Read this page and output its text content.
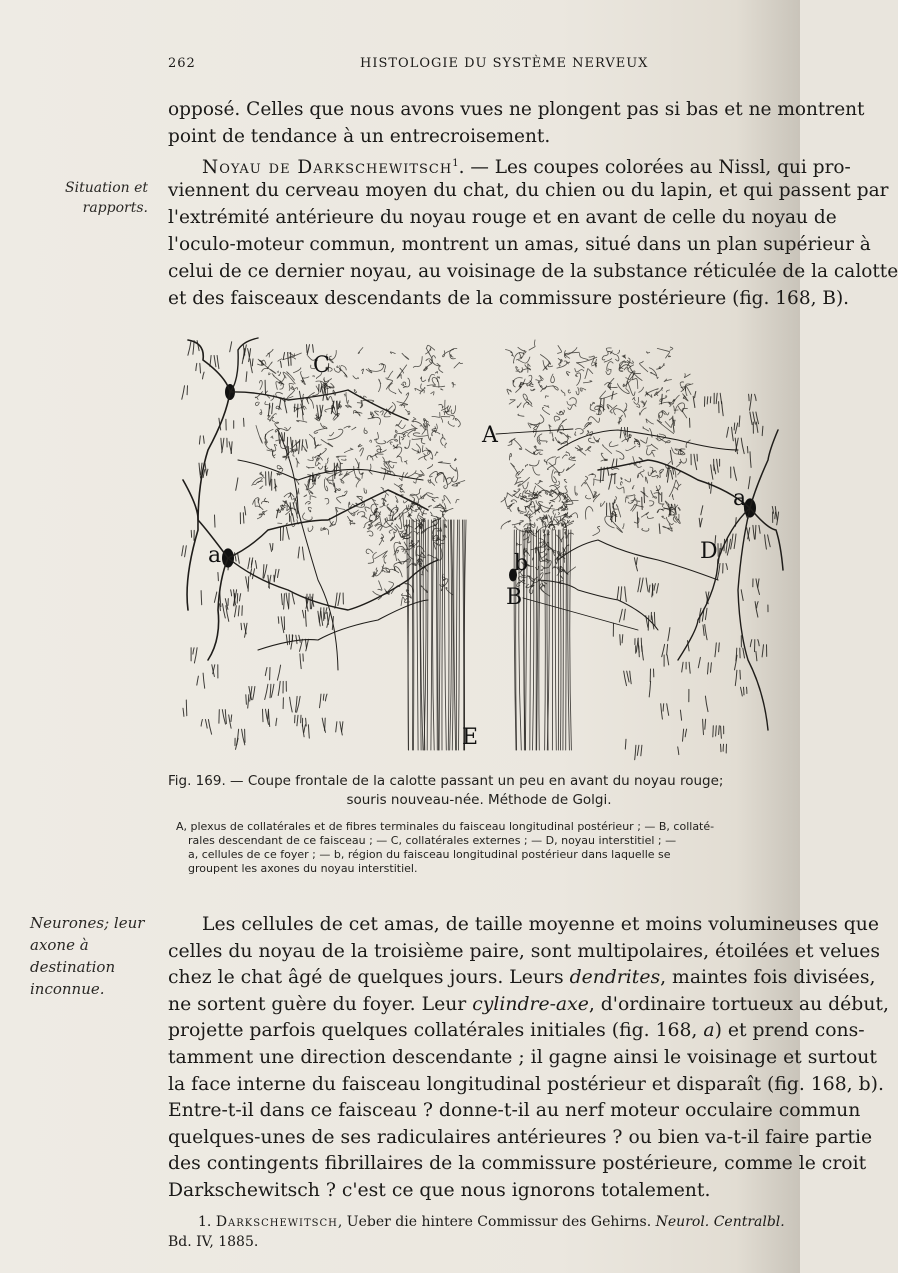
262	HISTOLOGIE DU SYSTÈME NERVEUX
Situation et rapports.
opposé. Celles que nous avons vues ne plongent pas si bas et ne montrent
point de tendance à un entrecroisement.
Noyau de Darkschewitsch$^1$. — Les coupes colorées au Nissl, qui pro-
viennent du cerveau moyen du chat, du chien ou du lapin, et qui passent par
l'extrémité antérieure du noyau rouge et en avant de celle du noyau de
l'oculo-moteur commun, montrent un amas, situé dans un plan supérieur à
celui de ce dernier noyau, au voisinage de la substance réticulée de la calotte
et des faisceaux descendants de la commissure postérieure (fig. 168, B).
C
A
a
a
D
b
B
E
Fig. 169. — Coupe frontale de la calotte passant un peu en avant du noyau rouge;
souris nouveau-née. Méthode de Golgi.
A, plexus de collatérales et de fibres terminales du faisceau longitudinal postérieur ; — B, collaté-
rales descendant de ce faisceau ; — C, collatérales externes ; — D, noyau interstitiel ; —
a, cellules de ce foyer ; — b, région du faisceau longitudinal postérieur dans laquelle se
groupent les axones du noyau interstitiel.
Neurones; leur axone à destination inconnue.
Les cellules de cet amas, de taille moyenne et moins volumineuses que
celles du noyau de la troisième paire, sont multipolaires, étoilées et velues
chez le chat âgé de quelques jours. Leurs dendrites, maintes fois divisées,
ne sortent guère du foyer. Leur cylindre-axe, d'ordinaire tortueux au début,
projette parfois quelques collatérales initiales (fig. 168, a) et prend cons-
tamment une direction descendante ; il gagne ainsi le voisinage et surtout
la face interne du faisceau longitudinal postérieur et disparaît (fig. 168, b).
Entre-t-il dans ce faisceau ? donne-t-il au nerf moteur occulaire commun
quelques-unes de ses radiculaires antérieures ? ou bien va-t-il faire partie
des contingents fibrillaires de la commissure postérieure, comme le croit
Darkschewitsch ? c'est ce que nous ignorons totalement.
1. Darkschewitsch, Ueber die hintere Commissur des Gehirns. Neurol. Centralbl.
Bd. IV, 1885.
